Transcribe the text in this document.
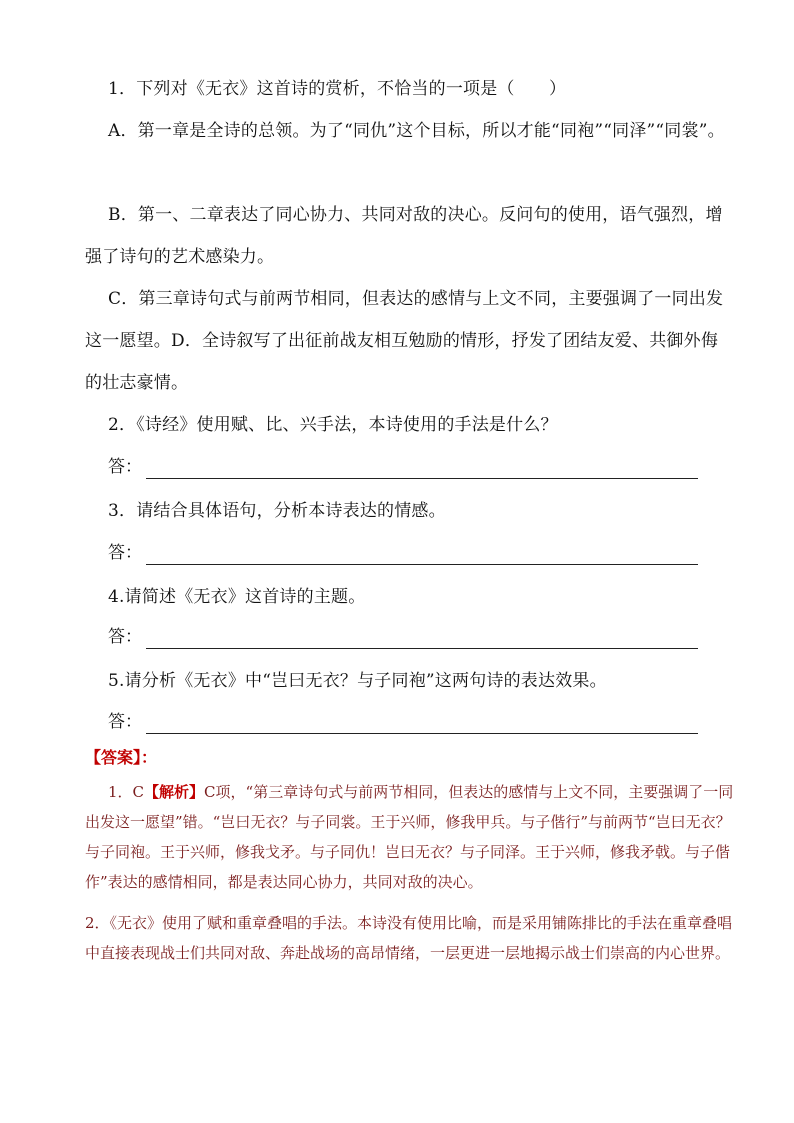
1．下列对《无衣》这首诗的赏析，不恰当的一项是（　　）
A．第一章是全诗的总领。为了“同仇”这个目标，所以才能“同袍”“同泽”“同裳”。
B．第一、二章表达了同心协力、共同对敌的决心。反问句的使用，语气强烈，增强了诗句的艺术感染力。
C．第三章诗句式与前两节相同，但表达的感情与上文不同，主要强调了一同出发这一愿望。D．全诗叙写了出征前战友相互勉励的情形，抒发了团结友爱、共御外侮的壮志豪情。
2．《诗经》使用赋、比、兴手法，本诗使用的手法是什么？
答：
3．请结合具体语句，分析本诗表达的情感。
答：
4.请简述《无衣》这首诗的主题。
答：
5.请分析《无衣》中“岂曰无衣？与子同袍”这两句诗的表达效果。
答：
【答案】：
1．C【解析】C项，“第三章诗句式与前两节相同，但表达的感情与上文不同，主要强调了一同出发这一愿望”错。“岂曰无衣？与子同裳。王于兴师，修我甲兵。与子偕行”与前两节“岂曰无衣？与子同袍。王于兴师，修我戈矛。与子同仇！岂曰无衣？与子同泽。王于兴师，修我矛戟。与子偕作”表达的感情相同，都是表达同心协力，共同对敌的决心。
2．《无衣》使用了赋和重章叠唱的手法。本诗没有使用比喻，而是采用铺陈排比的手法在重章叠唱中直接表现战士们共同对敌、奔赴战场的高昂情绪，一层更进一层地揭示战士们崇高的内心世界。
